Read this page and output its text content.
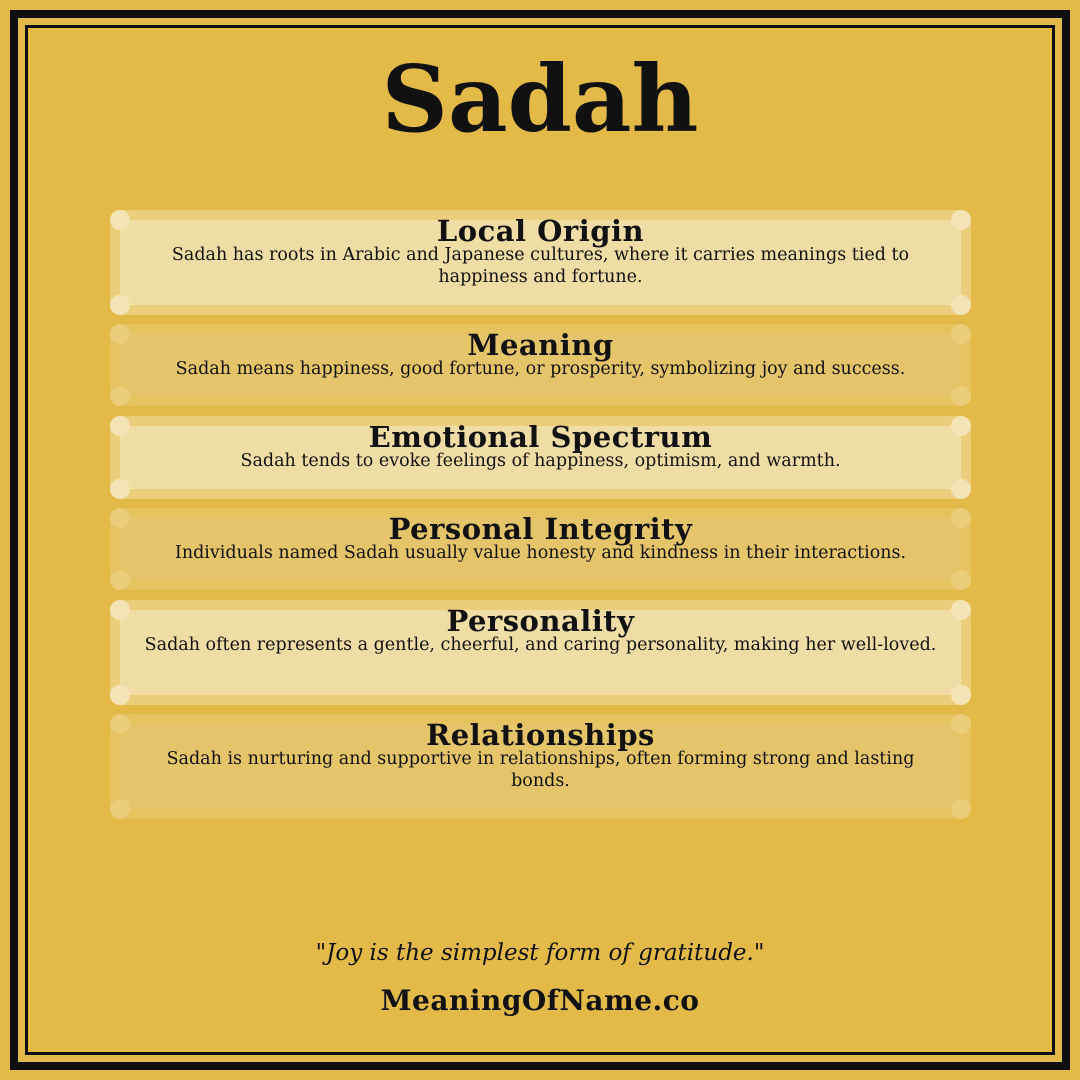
Sadah
Local Origin

Sadah has roots in Arabic and Japanese cultures, where it carries meanings tied to happiness and fortune.

Meaning

Sadah means happiness, good fortune, or prosperity, symbolizing joy and success.

Emotional Spectrum

Sadah tends to evoke feelings of happiness, optimism, and warmth.

Personal Integrity

Individuals named Sadah usually value honesty and kindness in their interactions.

Personality

Sadah often represents a gentle, cheerful, and caring personality, making her well-loved.

Relationships

Sadah is nurturing and supportive in relationships, often forming strong and lasting bonds.

"Joy is the simplest form of gratitude."

MeaningOfName.co
